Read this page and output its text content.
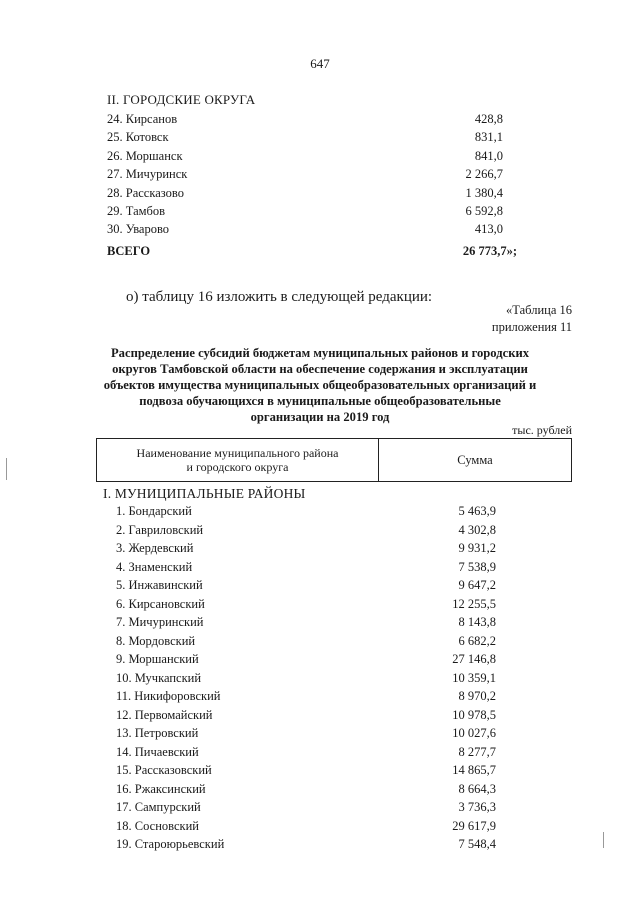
647
II. ГОРОДСКИЕ ОКРУГА
24. Кирсанов	428,8
25. Котовск	831,1
26. Моршанск	841,0
27. Мичуринск	2 266,7
28. Рассказово	1 380,4
29. Тамбов	6 592,8
30. Уварово	413,0
ВСЕГО	26 773,7»;
о) таблицу 16 изложить в следующей редакции:
«Таблица 16
приложения 11
Распределение субсидий бюджетам муниципальных районов и городских
округов Тамбовской области на обеспечение содержания и эксплуатации
объектов имущества муниципальных общеобразовательных организаций и
подвоза обучающихся в муниципальные общеобразовательные
организации на 2019 год
тыс. рублей
Наименование муниципального района
и городского округа	Сумма
I. МУНИЦИПАЛЬНЫЕ РАЙОНЫ
1. Бондарский	5 463,9
2. Гавриловский	4 302,8
3. Жердевский	9 931,2
4. Знаменский	7 538,9
5. Инжавинский	9 647,2
6. Кирсановский	12 255,5
7. Мичуринский	8 143,8
8. Мордовский	6 682,2
9. Моршанский	27 146,8
10. Мучкапский	10 359,1
11. Никифоровский	8 970,2
12. Первомайский	10 978,5
13. Петровский	10 027,6
14. Пичаевский	8 277,7
15. Рассказовский	14 865,7
16. Ржаксинский	8 664,3
17. Сампурский	3 736,3
18. Сосновский	29 617,9
19. Староюрьевский	7 548,4
